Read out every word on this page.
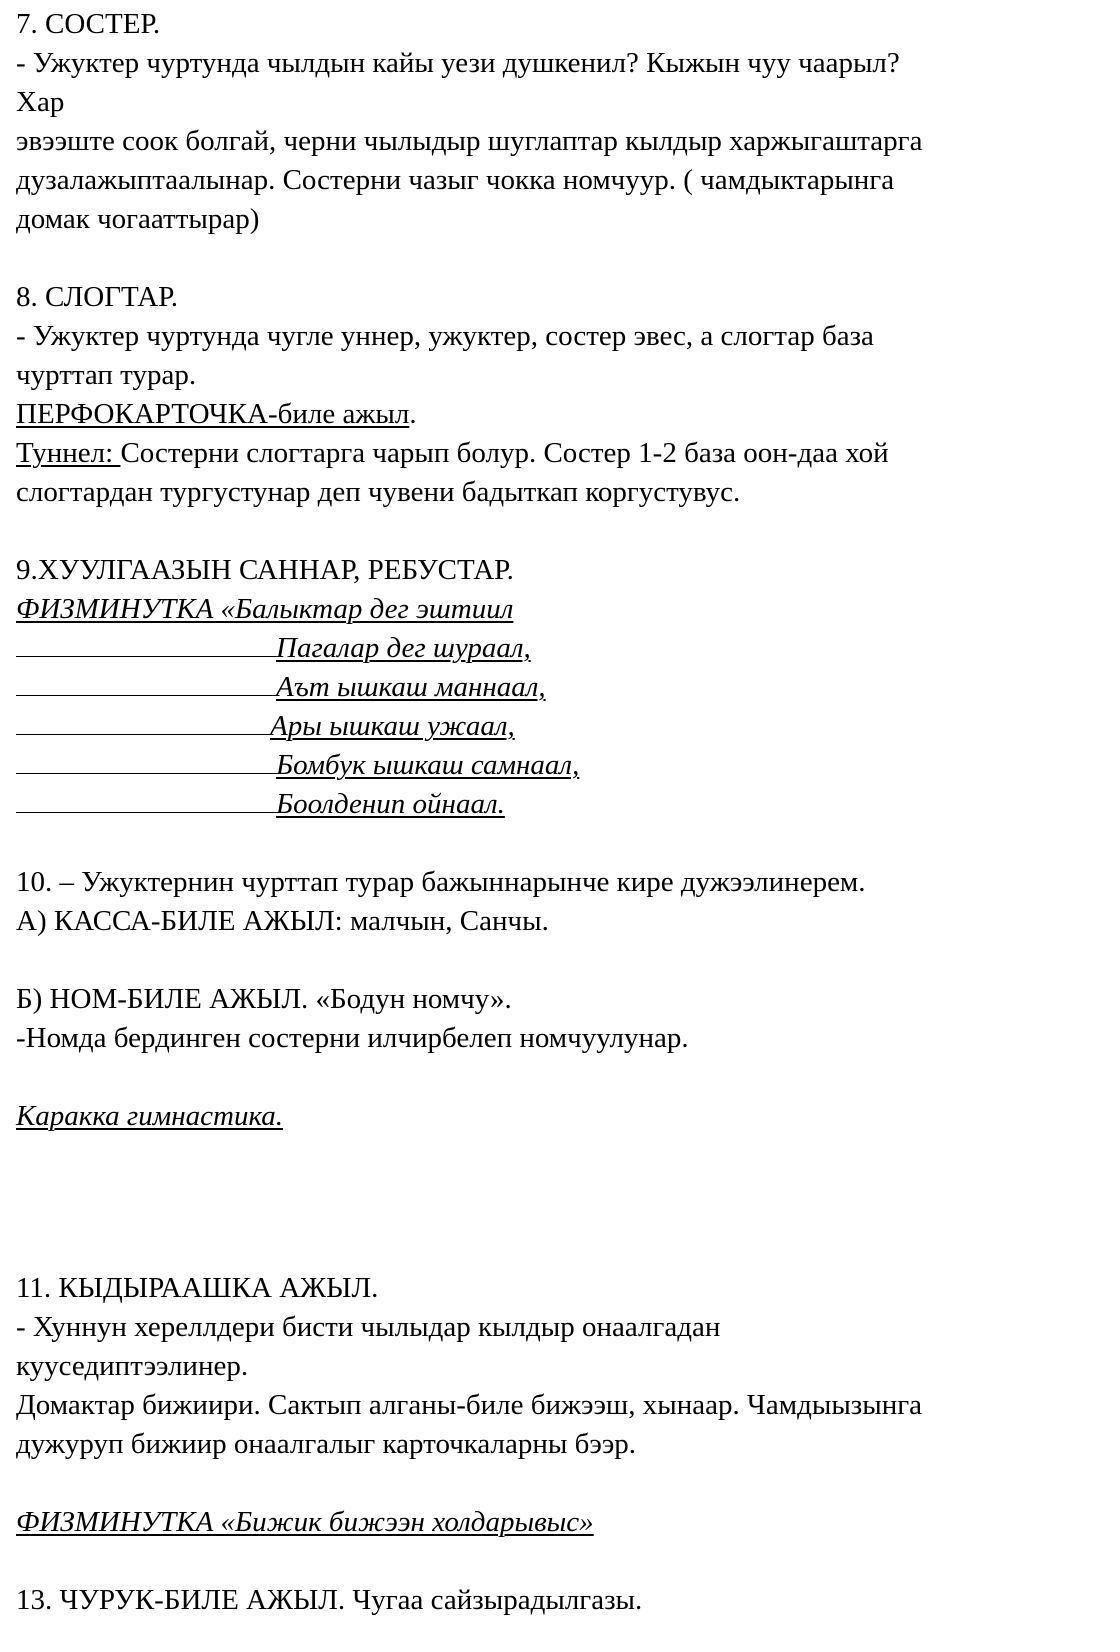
7. СОСТЕР.
- Ужуктер чуртунда чылдын кайы уези душкенил? Кыжын чуу чаарыл?
Хар
эвээште соок болгай, черни чылыдыр шуглаптар кылдыр харжыгаштарга
дузалажыптаалынар. Состерни чазыг чокка номчуур. ( чамдыктарынга
домак чогааттырар)
8. СЛОГТАР.
- Ужуктер чуртунда чугле уннер, ужуктер, состер эвес, а слогтар база
чурттап турар.
ПЕРФОКАРТОЧКА-биле ажыл.
Туннел: Состерни слогтарга чарып болур. Состер 1-2 база оон-даа хой
слогтардан тургустунар деп чувени бадыткап коргустувус.
9.ХУУЛГААЗЫН САННАР, РЕБУСТАР.
ФИЗМИНУТКА «Балыктар дег эштиил
Пагалар дег шураал,
Аът ышкаш маннаал,
Ары ышкаш ужаал,
Бомбук ышкаш самнаал,
Боолденип ойнаал.
10. – Ужуктернин чурттап турар бажыннарынче кире дужээлинерем.
А) КАССА-БИЛЕ АЖЫЛ: малчын, Санчы.
Б) НОМ-БИЛЕ АЖЫЛ. «Бодун номчу».
-Номда бердинген состерни илчирбелеп номчуулунар.
Каракка гимнастика.
11. КЫДЫРААШКА АЖЫЛ.
- Хуннун хереллдери бисти чылыдар кылдыр онаалгадан
кууседиптээлинер.
Домактар бижиири. Сактып алганы-биле бижээш, хынаар. Чамдыызынга
дужуруп бижиир онаалгалыг карточкаларны бээр.
ФИЗМИНУТКА «Бижик бижээн холдарывыс»
13. ЧУРУК-БИЛЕ АЖЫЛ. Чугаа сайзырадылгазы.
